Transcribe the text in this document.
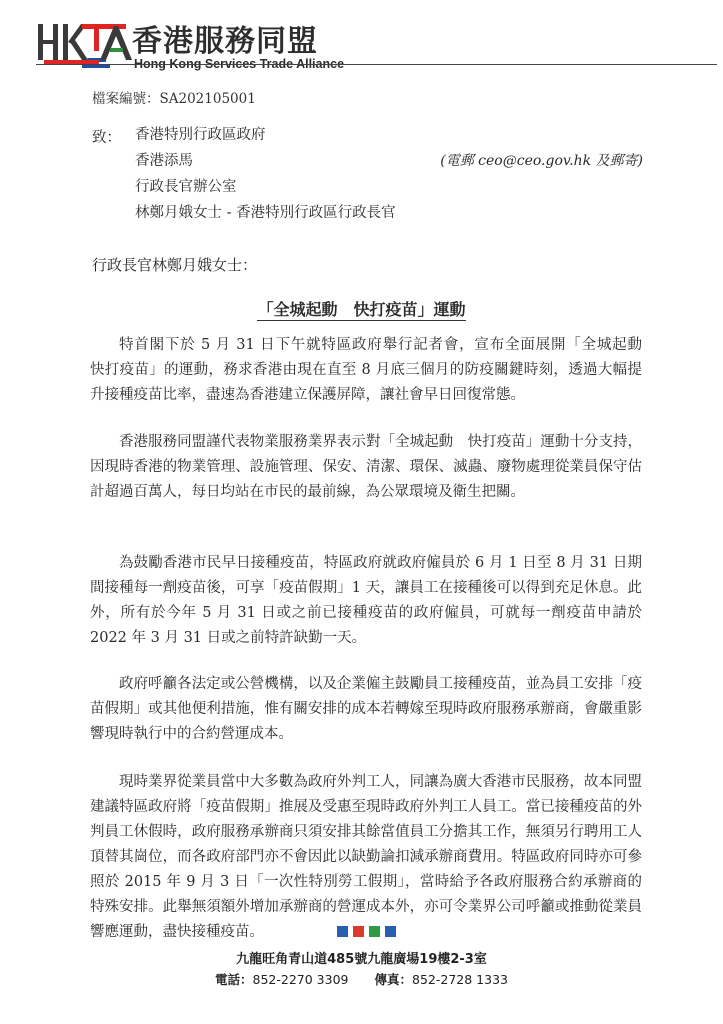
香港服務同盟
Hong Kong Services Trade Alliance
檔案編號：SA202105001
致： 香港特別行政區政府
香港添馬
行政長官辦公室
林鄭月娥女士 - 香港特別行政區行政長官
(電郵 ceo@ceo.gov.hk 及郵寄)
行政長官林鄭月娥女士：
「全城起動　快打疫苗」運動

特首閣下於 5 月 31 日下午就特區政府舉行記者會，宣布全面展開「全城起動　快打疫苗」的運動，務求香港由現在直至 8 月底三個月的防疫關鍵時刻，透過大幅提升接種疫苗比率，盡速為香港建立保護屏障，讓社會早日回復常態。

香港服務同盟謹代表物業服務業界表示對「全城起動　快打疫苗」運動十分支持，因現時香港的物業管理、設施管理、保安、清潔、環保、滅蟲、廢物處理從業員保守估計超過百萬人，每日均站在市民的最前線，為公眾環境及衛生把關。

為鼓勵香港市民早日接種疫苗，特區政府就政府僱員於 6 月 1 日至 8 月 31 日期間接種每一劑疫苗後，可享「疫苗假期」1 天，讓員工在接種後可以得到充足休息。此外，所有於今年 5 月 31 日或之前已接種疫苗的政府僱員，可就每一劑疫苗申請於 2022 年 3 月 31 日或之前特許缺勤一天。

政府呼籲各法定或公營機構，以及企業僱主鼓勵員工接種疫苗，並為員工安排「疫苗假期」或其他便利措施，惟有關安排的成本若轉嫁至現時政府服務承辦商，會嚴重影響現時執行中的合約營運成本。

現時業界從業員當中大多數為政府外判工人，同讓為廣大香港市民服務，故本同盟建議特區政府將「疫苗假期」推展及受惠至現時政府外判工人員工。當已接種疫苗的外判員工休假時，政府服務承辦商只須安排其餘當值員工分擔其工作，無須另行聘用工人頂替其崗位，而各政府部門亦不會因此以缺勤論扣減承辦商費用。特區政府同時亦可參照於 2015 年 9 月 3 日「一次性特別勞工假期」，當時給予各政府服務合約承辦商的特殊安排。此舉無須額外增加承辦商的營運成本外，亦可令業界公司呼籲或推動從業員響應運動，盡快接種疫苗。

九龍旺角青山道485號九龍廣場19樓2-3室
電話：852-2270 3309 傳真：852-2728 1333
